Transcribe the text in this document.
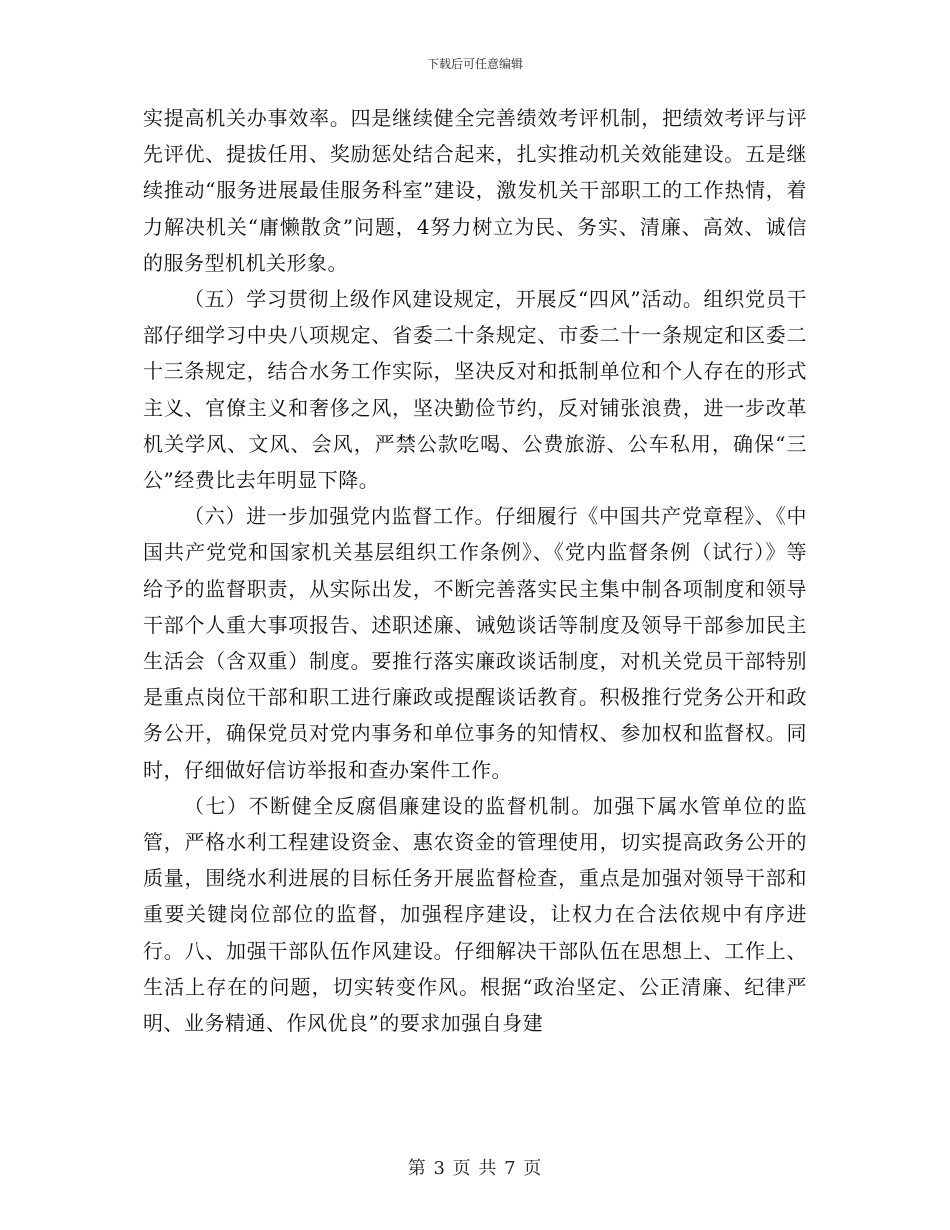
下载后可任意编辑

实提高机关办事效率。四是继续健全完善绩效考评机制，把绩效考评与评先评优、提拔任用、奖励惩处结合起来，扎实推动机关效能建设。五是继续推动“服务进展最佳服务科室”建设，激发机关干部职工的工作热情，着力解决机关“庸懒散贪”问题，4努力树立为民、务实、清廉、高效、诚信的服务型机机关形象。

（五）学习贯彻上级作风建设规定，开展反“四风”活动。组织党员干部仔细学习中央八项规定、省委二十条规定、市委二十一条规定和区委二十三条规定，结合水务工作实际，坚决反对和抵制单位和个人存在的形式主义、官僚主义和奢侈之风，坚决勤俭节约，反对铺张浪费，进一步改革机关学风、文风、会风，严禁公款吃喝、公费旅游、公车私用，确保“三公”经费比去年明显下降。

（六）进一步加强党内监督工作。仔细履行《中国共产党章程》、《中国共产党党和国家机关基层组织工作条例》、《党内监督条例（试行）》等给予的监督职责，从实际出发，不断完善落实民主集中制各项制度和领导干部个人重大事项报告、述职述廉、诫勉谈话等制度及领导干部参加民主生活会（含双重）制度。要推行落实廉政谈话制度，对机关党员干部特别是重点岗位干部和职工进行廉政或提醒谈话教育。积极推行党务公开和政务公开，确保党员对党内事务和单位事务的知情权、参加权和监督权。同时，仔细做好信访举报和查办案件工作。

（七）不断健全反腐倡廉建设的监督机制。加强下属水管单位的监管，严格水利工程建设资金、惠农资金的管理使用，切实提高政务公开的质量，围绕水利进展的目标任务开展监督检查，重点是加强对领导干部和重要关键岗位部位的监督，加强程序建设，让权力在合法依规中有序进行。八、加强干部队伍作风建设。仔细解决干部队伍在思想上、工作上、生活上存在的问题，切实转变作风。根据“政治坚定、公正清廉、纪律严明、业务精通、作风优良”的要求加强自身建

第 3 页 共 7 页
